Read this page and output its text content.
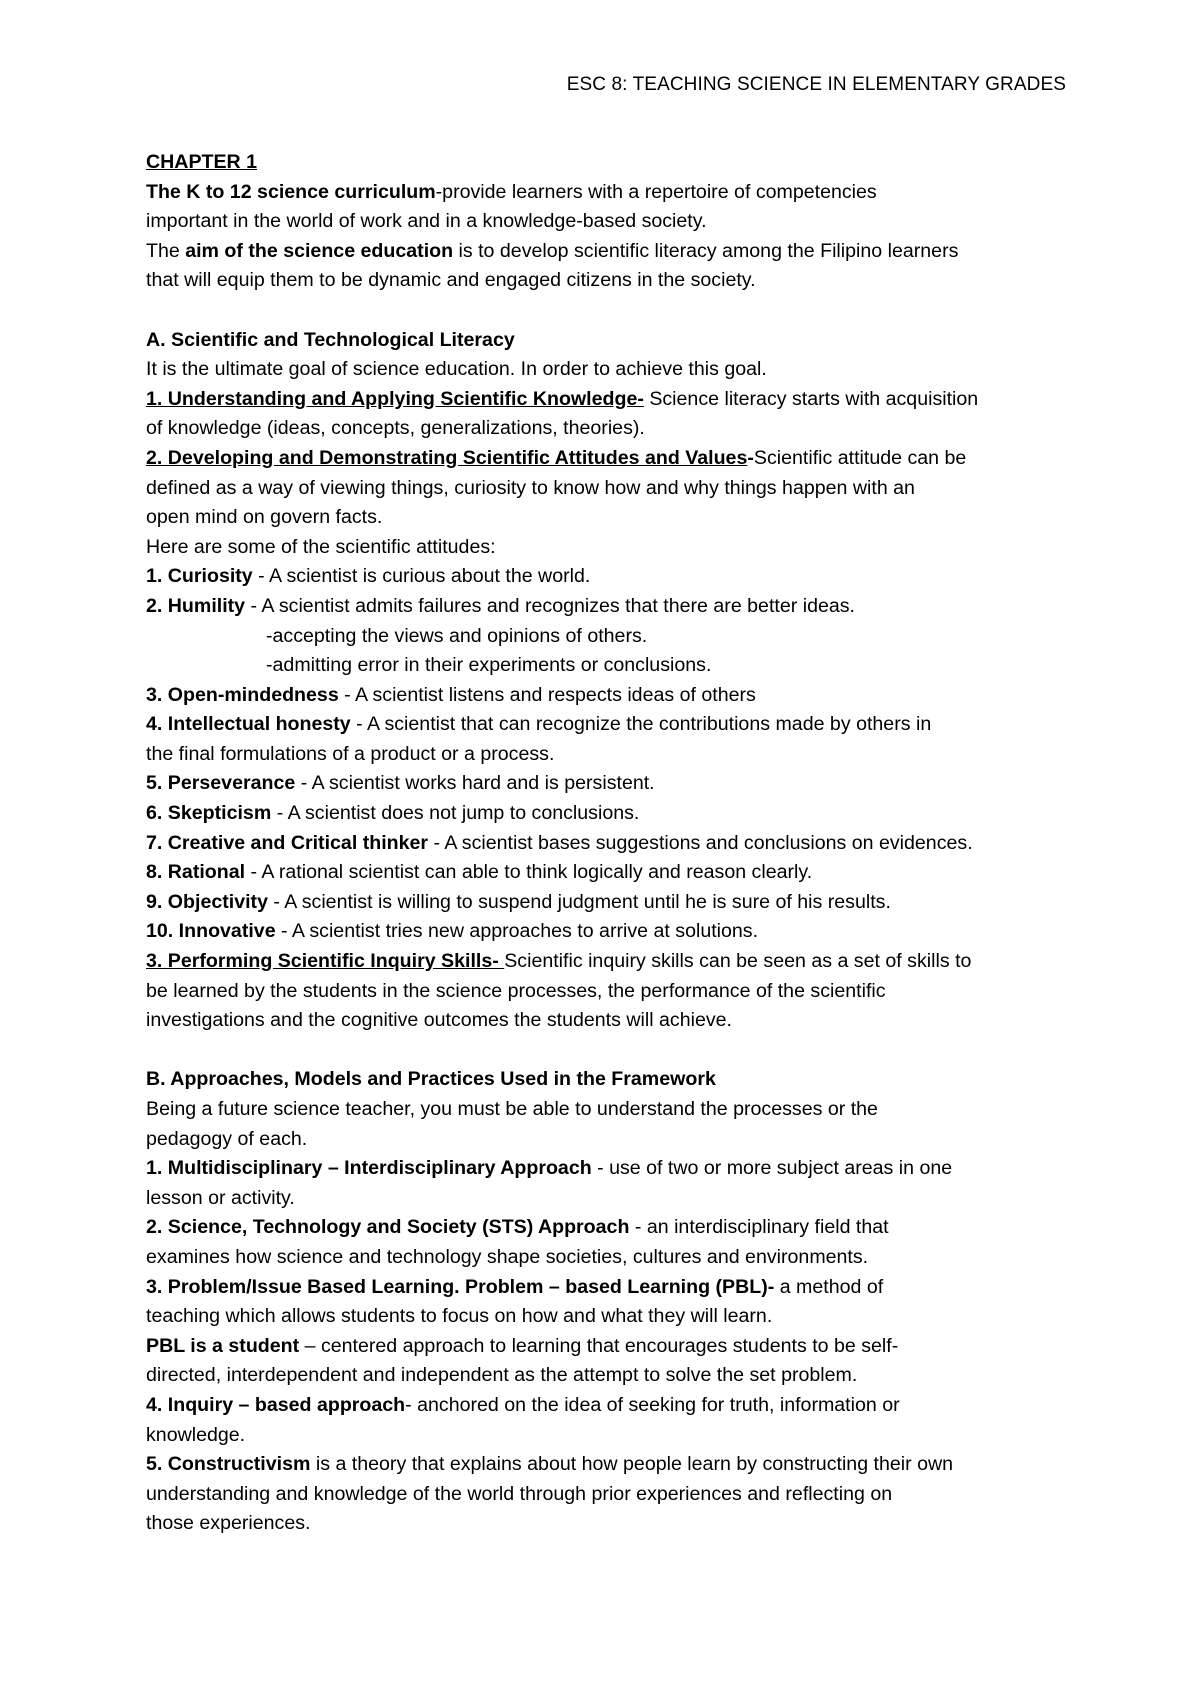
ESC 8: TEACHING SCIENCE IN ELEMENTARY GRADES
CHAPTER 1
The K to 12 science curriculum-provide learners with a repertoire of competencies
important in the world of work and in a knowledge-based society.
The aim of the science education is to develop scientific literacy among the Filipino learners
that will equip them to be dynamic and engaged citizens in the society.
A. Scientific and Technological Literacy
It is the ultimate goal of science education. In order to achieve this goal.
1. Understanding and Applying Scientific Knowledge- Science literacy starts with acquisition
of knowledge (ideas, concepts, generalizations, theories).
2. Developing and Demonstrating Scientific Attitudes and Values-Scientific attitude can be
defined as a way of viewing things, curiosity to know how and why things happen with an
open mind on govern facts.
Here are some of the scientific attitudes:
1. Curiosity - A scientist is curious about the world.
2. Humility - A scientist admits failures and recognizes that there are better ideas.
-accepting the views and opinions of others.
-admitting error in their experiments or conclusions.
3. Open-mindedness - A scientist listens and respects ideas of others
4. Intellectual honesty - A scientist that can recognize the contributions made by others in
the final formulations of a product or a process.
5. Perseverance - A scientist works hard and is persistent.
6. Skepticism - A scientist does not jump to conclusions.
7. Creative and Critical thinker - A scientist bases suggestions and conclusions on evidences.
8. Rational - A rational scientist can able to think logically and reason clearly.
9. Objectivity - A scientist is willing to suspend judgment until he is sure of his results.
10. Innovative - A scientist tries new approaches to arrive at solutions.
3. Performing Scientific Inquiry Skills- Scientific inquiry skills can be seen as a set of skills to
be learned by the students in the science processes, the performance of the scientific
investigations and the cognitive outcomes the students will achieve.
B. Approaches, Models and Practices Used in the Framework
Being a future science teacher, you must be able to understand the processes or the
pedagogy of each.
1. Multidisciplinary – Interdisciplinary Approach - use of two or more subject areas in one
lesson or activity.
2. Science, Technology and Society (STS) Approach - an interdisciplinary field that
examines how science and technology shape societies, cultures and environments.
3. Problem/Issue Based Learning. Problem – based Learning (PBL)- a method of
teaching which allows students to focus on how and what they will learn.
PBL is a student – centered approach to learning that encourages students to be self-
directed, interdependent and independent as the attempt to solve the set problem.
4. Inquiry – based approach- anchored on the idea of seeking for truth, information or
knowledge.
5. Constructivism is a theory that explains about how people learn by constructing their own
understanding and knowledge of the world through prior experiences and reflecting on
those experiences.
